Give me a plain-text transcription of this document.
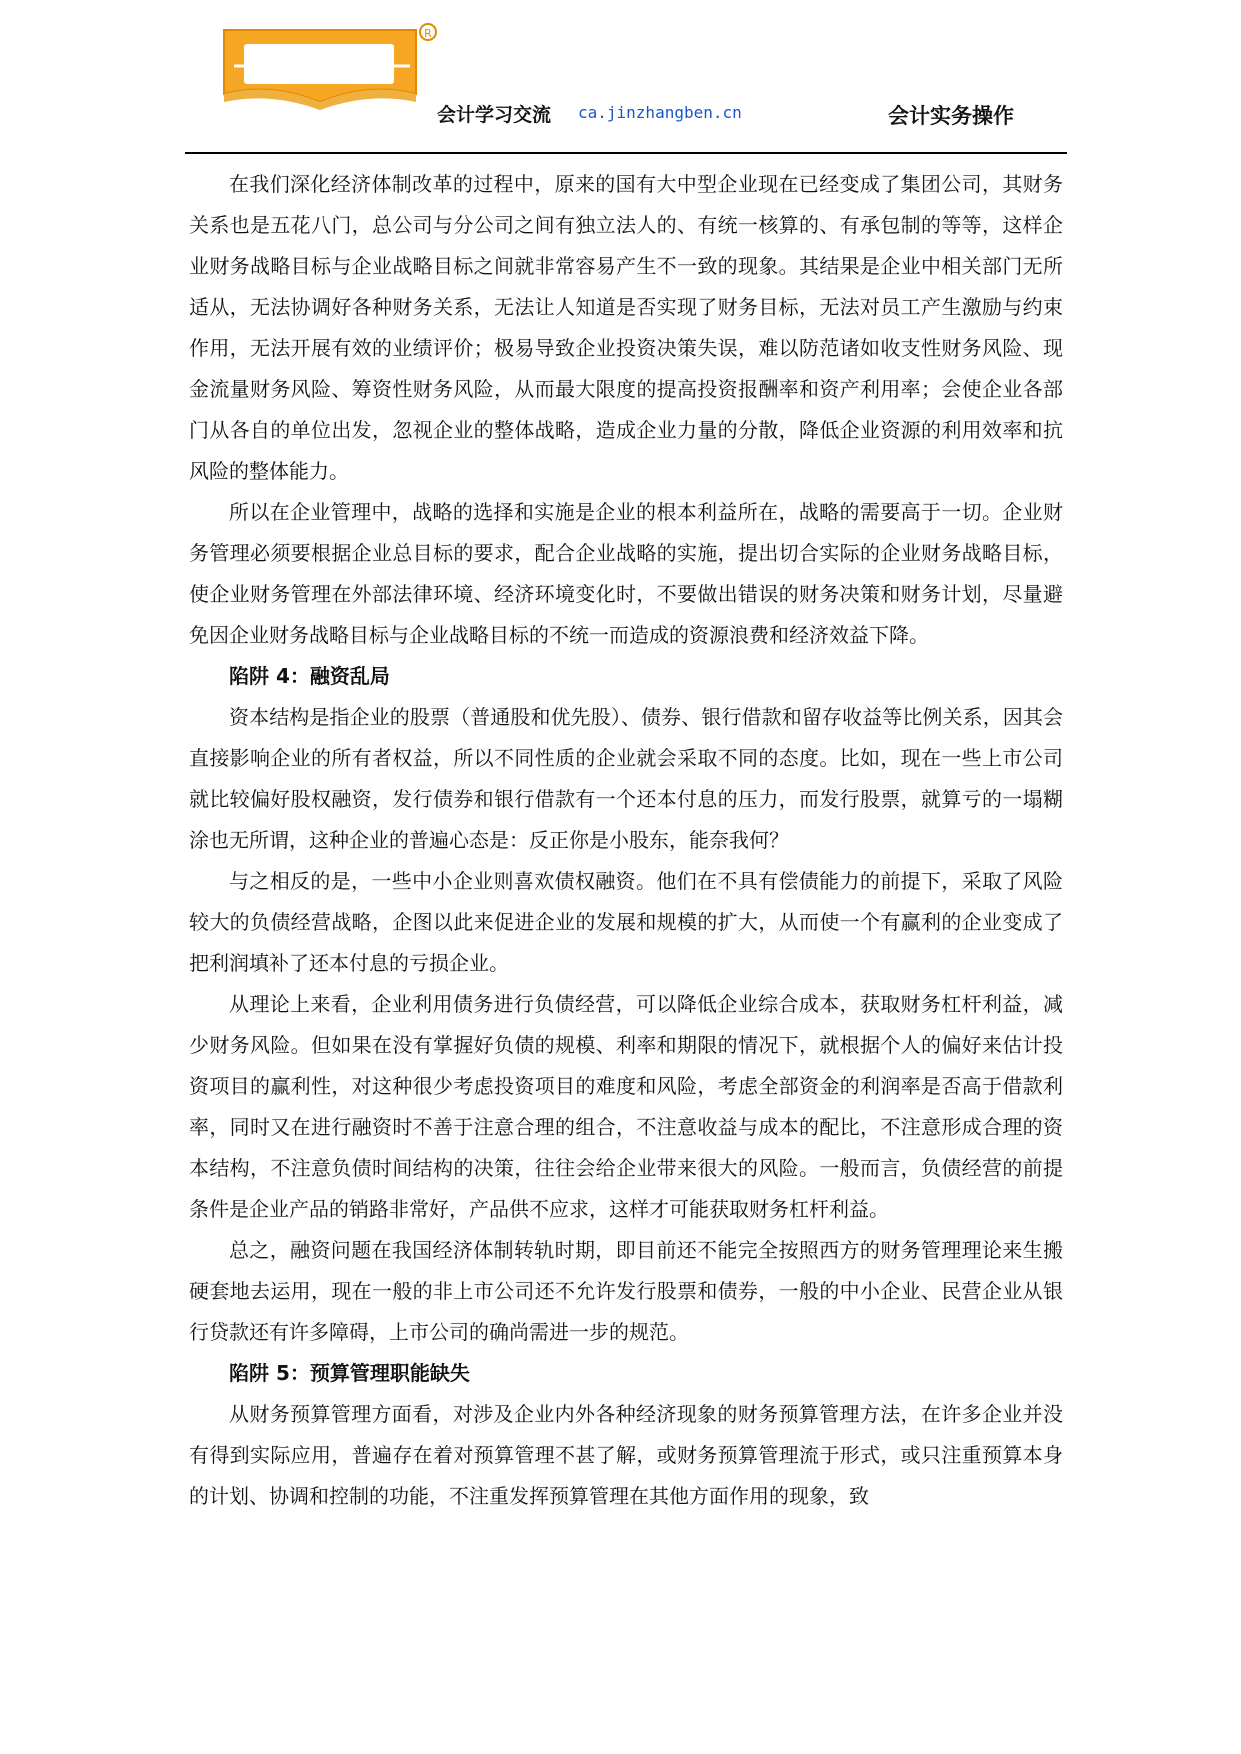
R
会计学习交流 ca.jinzhangben.cn	会计实务操作

在我们深化经济体制改革的过程中，原来的国有大中型企业现在已经变成了集团公司，其财务关系也是五花八门，总公司与分公司之间有独立法人的、有统一核算的、有承包制的等等，这样企业财务战略目标与企业战略目标之间就非常容易产生不一致的现象。其结果是企业中相关部门无所适从，无法协调好各种财务关系，无法让人知道是否实现了财务目标，无法对员工产生激励与约束作用，无法开展有效的业绩评价；极易导致企业投资决策失误，难以防范诸如收支性财务风险、现金流量财务风险、筹资性财务风险，从而最大限度的提高投资报酬率和资产利用率；会使企业各部门从各自的单位出发，忽视企业的整体战略，造成企业力量的分散，降低企业资源的利用效率和抗风险的整体能力。

所以在企业管理中，战略的选择和实施是企业的根本利益所在，战略的需要高于一切。企业财务管理必须要根据企业总目标的要求，配合企业战略的实施，提出切合实际的企业财务战略目标，使企业财务管理在外部法律环境、经济环境变化时，不要做出错误的财务决策和财务计划，尽量避免因企业财务战略目标与企业战略目标的不统一而造成的资源浪费和经济效益下降。

陷阱 4：融资乱局

资本结构是指企业的股票（普通股和优先股）、债券、银行借款和留存收益等比例关系，因其会直接影响企业的所有者权益，所以不同性质的企业就会采取不同的态度。比如，现在一些上市公司就比较偏好股权融资，发行债券和银行借款有一个还本付息的压力，而发行股票，就算亏的一塌糊涂也无所谓，这种企业的普遍心态是：反正你是小股东，能奈我何？

与之相反的是，一些中小企业则喜欢债权融资。他们在不具有偿债能力的前提下，采取了风险较大的负债经营战略，企图以此来促进企业的发展和规模的扩大，从而使一个有赢利的企业变成了把利润填补了还本付息的亏损企业。

从理论上来看，企业利用债务进行负债经营，可以降低企业综合成本，获取财务杠杆利益，减少财务风险。但如果在没有掌握好负债的规模、利率和期限的情况下，就根据个人的偏好来估计投资项目的赢利性，对这种很少考虑投资项目的难度和风险，考虑全部资金的利润率是否高于借款利率，同时又在进行融资时不善于注意合理的组合，不注意收益与成本的配比，不注意形成合理的资本结构，不注意负债时间结构的决策，往往会给企业带来很大的风险。一般而言，负债经营的前提条件是企业产品的销路非常好，产品供不应求，这样才可能获取财务杠杆利益。

总之，融资问题在我国经济体制转轨时期，即目前还不能完全按照西方的财务管理理论来生搬硬套地去运用，现在一般的非上市公司还不允许发行股票和债券，一般的中小企业、民营企业从银行贷款还有许多障碍，上市公司的确尚需进一步的规范。

陷阱 5：预算管理职能缺失

从财务预算管理方面看，对涉及企业内外各种经济现象的财务预算管理方法，在许多企业并没有得到实际应用，普遍存在着对预算管理不甚了解，或财务预算管理流于形式，或只注重预算本身的计划、协调和控制的功能，不注重发挥预算管理在其他方面作用的现象，致
